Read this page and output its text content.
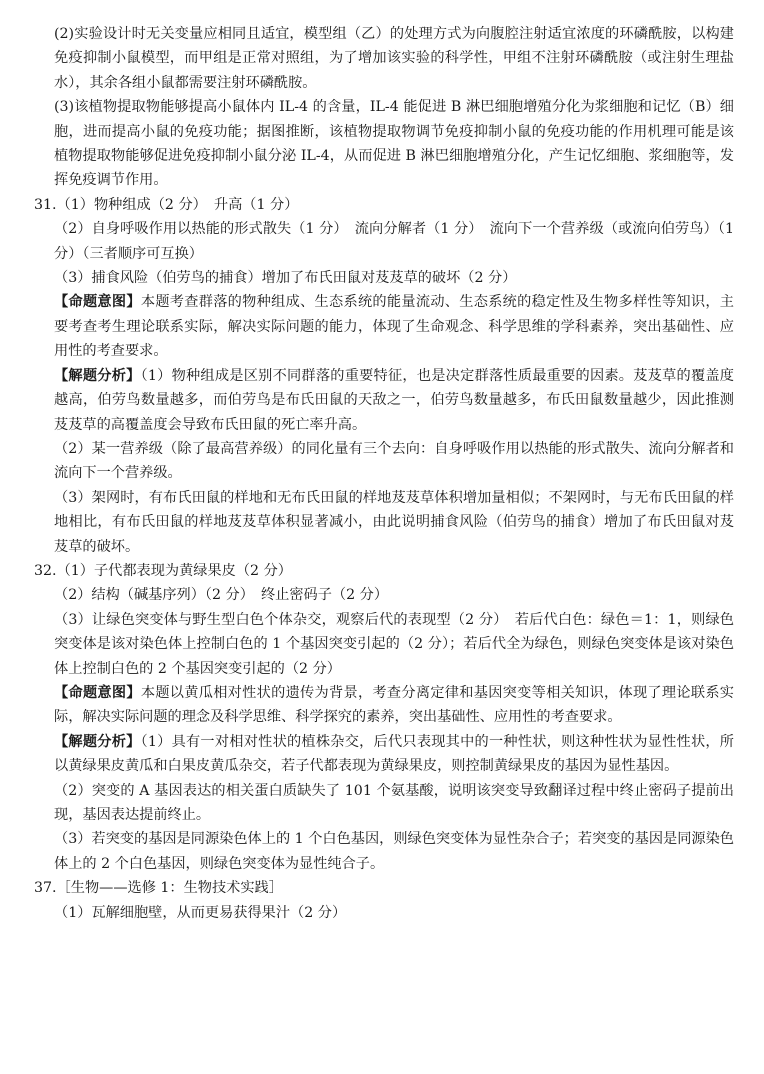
(2)实验设计时无关变量应相同且适宜，模型组（乙）的处理方式为向腹腔注射适宜浓度的环磷酰胺，以构建免疫抑制小鼠模型，而甲组是正常对照组，为了增加该实验的科学性，甲组不注射环磷酰胺（或注射生理盐水），其余各组小鼠都需要注射环磷酰胺。

(3)该植物提取物能够提高小鼠体内 IL-4 的含量，IL-4 能促进 B 淋巴细胞增殖分化为浆细胞和记忆（B）细胞，进而提高小鼠的免疫功能；据图推断，该植物提取物调节免疫抑制小鼠的免疫功能的作用机理可能是该植物提取物能够促进免疫抑制小鼠分泌 IL-4，从而促进 B 淋巴细胞增殖分化，产生记忆细胞、浆细胞等，发挥免疫调节作用。

31.（1）物种组成（2 分）　升高（1 分）

（2）自身呼吸作用以热能的形式散失（1 分）　流向分解者（1 分）　流向下一个营养级（或流向伯劳鸟）（1 分）（三者顺序可互换）

（3）捕食风险（伯劳鸟的捕食）增加了布氏田鼠对芨芨草的破坏（2 分）

【命题意图】本题考查群落的物种组成、生态系统的能量流动、生态系统的稳定性及生物多样性等知识，主要考查考生理论联系实际，解决实际问题的能力，体现了生命观念、科学思维的学科素养，突出基础性、应用性的考查要求。

【解题分析】（1）物种组成是区别不同群落的重要特征，也是决定群落性质最重要的因素。芨芨草的覆盖度越高，伯劳鸟数量越多，而伯劳鸟是布氏田鼠的天敌之一，伯劳鸟数量越多，布氏田鼠数量越少，因此推测芨芨草的高覆盖度会导致布氏田鼠的死亡率升高。

（2）某一营养级（除了最高营养级）的同化量有三个去向：自身呼吸作用以热能的形式散失、流向分解者和流向下一个营养级。

（3）架网时，有布氏田鼠的样地和无布氏田鼠的样地芨芨草体积增加量相似；不架网时，与无布氏田鼠的样地相比，有布氏田鼠的样地芨芨草体积显著减小，由此说明捕食风险（伯劳鸟的捕食）增加了布氏田鼠对芨芨草的破坏。

32.（1）子代都表现为黄绿果皮（2 分）

（2）结构（碱基序列）（2 分）　终止密码子（2 分）

（3）让绿色突变体与野生型白色个体杂交，观察后代的表现型（2 分）　若后代白色：绿色＝1：1，则绿色突变体是该对染色体上控制白色的 1 个基因突变引起的（2 分）；若后代全为绿色，则绿色突变体是该对染色体上控制白色的 2 个基因突变引起的（2 分）

【命题意图】本题以黄瓜相对性状的遗传为背景，考查分离定律和基因突变等相关知识，体现了理论联系实际，解决实际问题的理念及科学思维、科学探究的素养，突出基础性、应用性的考查要求。

【解题分析】（1）具有一对相对性状的植株杂交，后代只表现其中的一种性状，则这种性状为显性性状，所以黄绿果皮黄瓜和白果皮黄瓜杂交，若子代都表现为黄绿果皮，则控制黄绿果皮的基因为显性基因。

（2）突变的 A 基因表达的相关蛋白质缺失了 101 个氨基酸，说明该突变导致翻译过程中终止密码子提前出现，基因表达提前终止。

（3）若突变的基因是同源染色体上的 1 个白色基因，则绿色突变体为显性杂合子；若突变的基因是同源染色体上的 2 个白色基因，则绿色突变体为显性纯合子。

37.［生物——选修 1：生物技术实践］

（1）瓦解细胞壁，从而更易获得果汁（2 分）
